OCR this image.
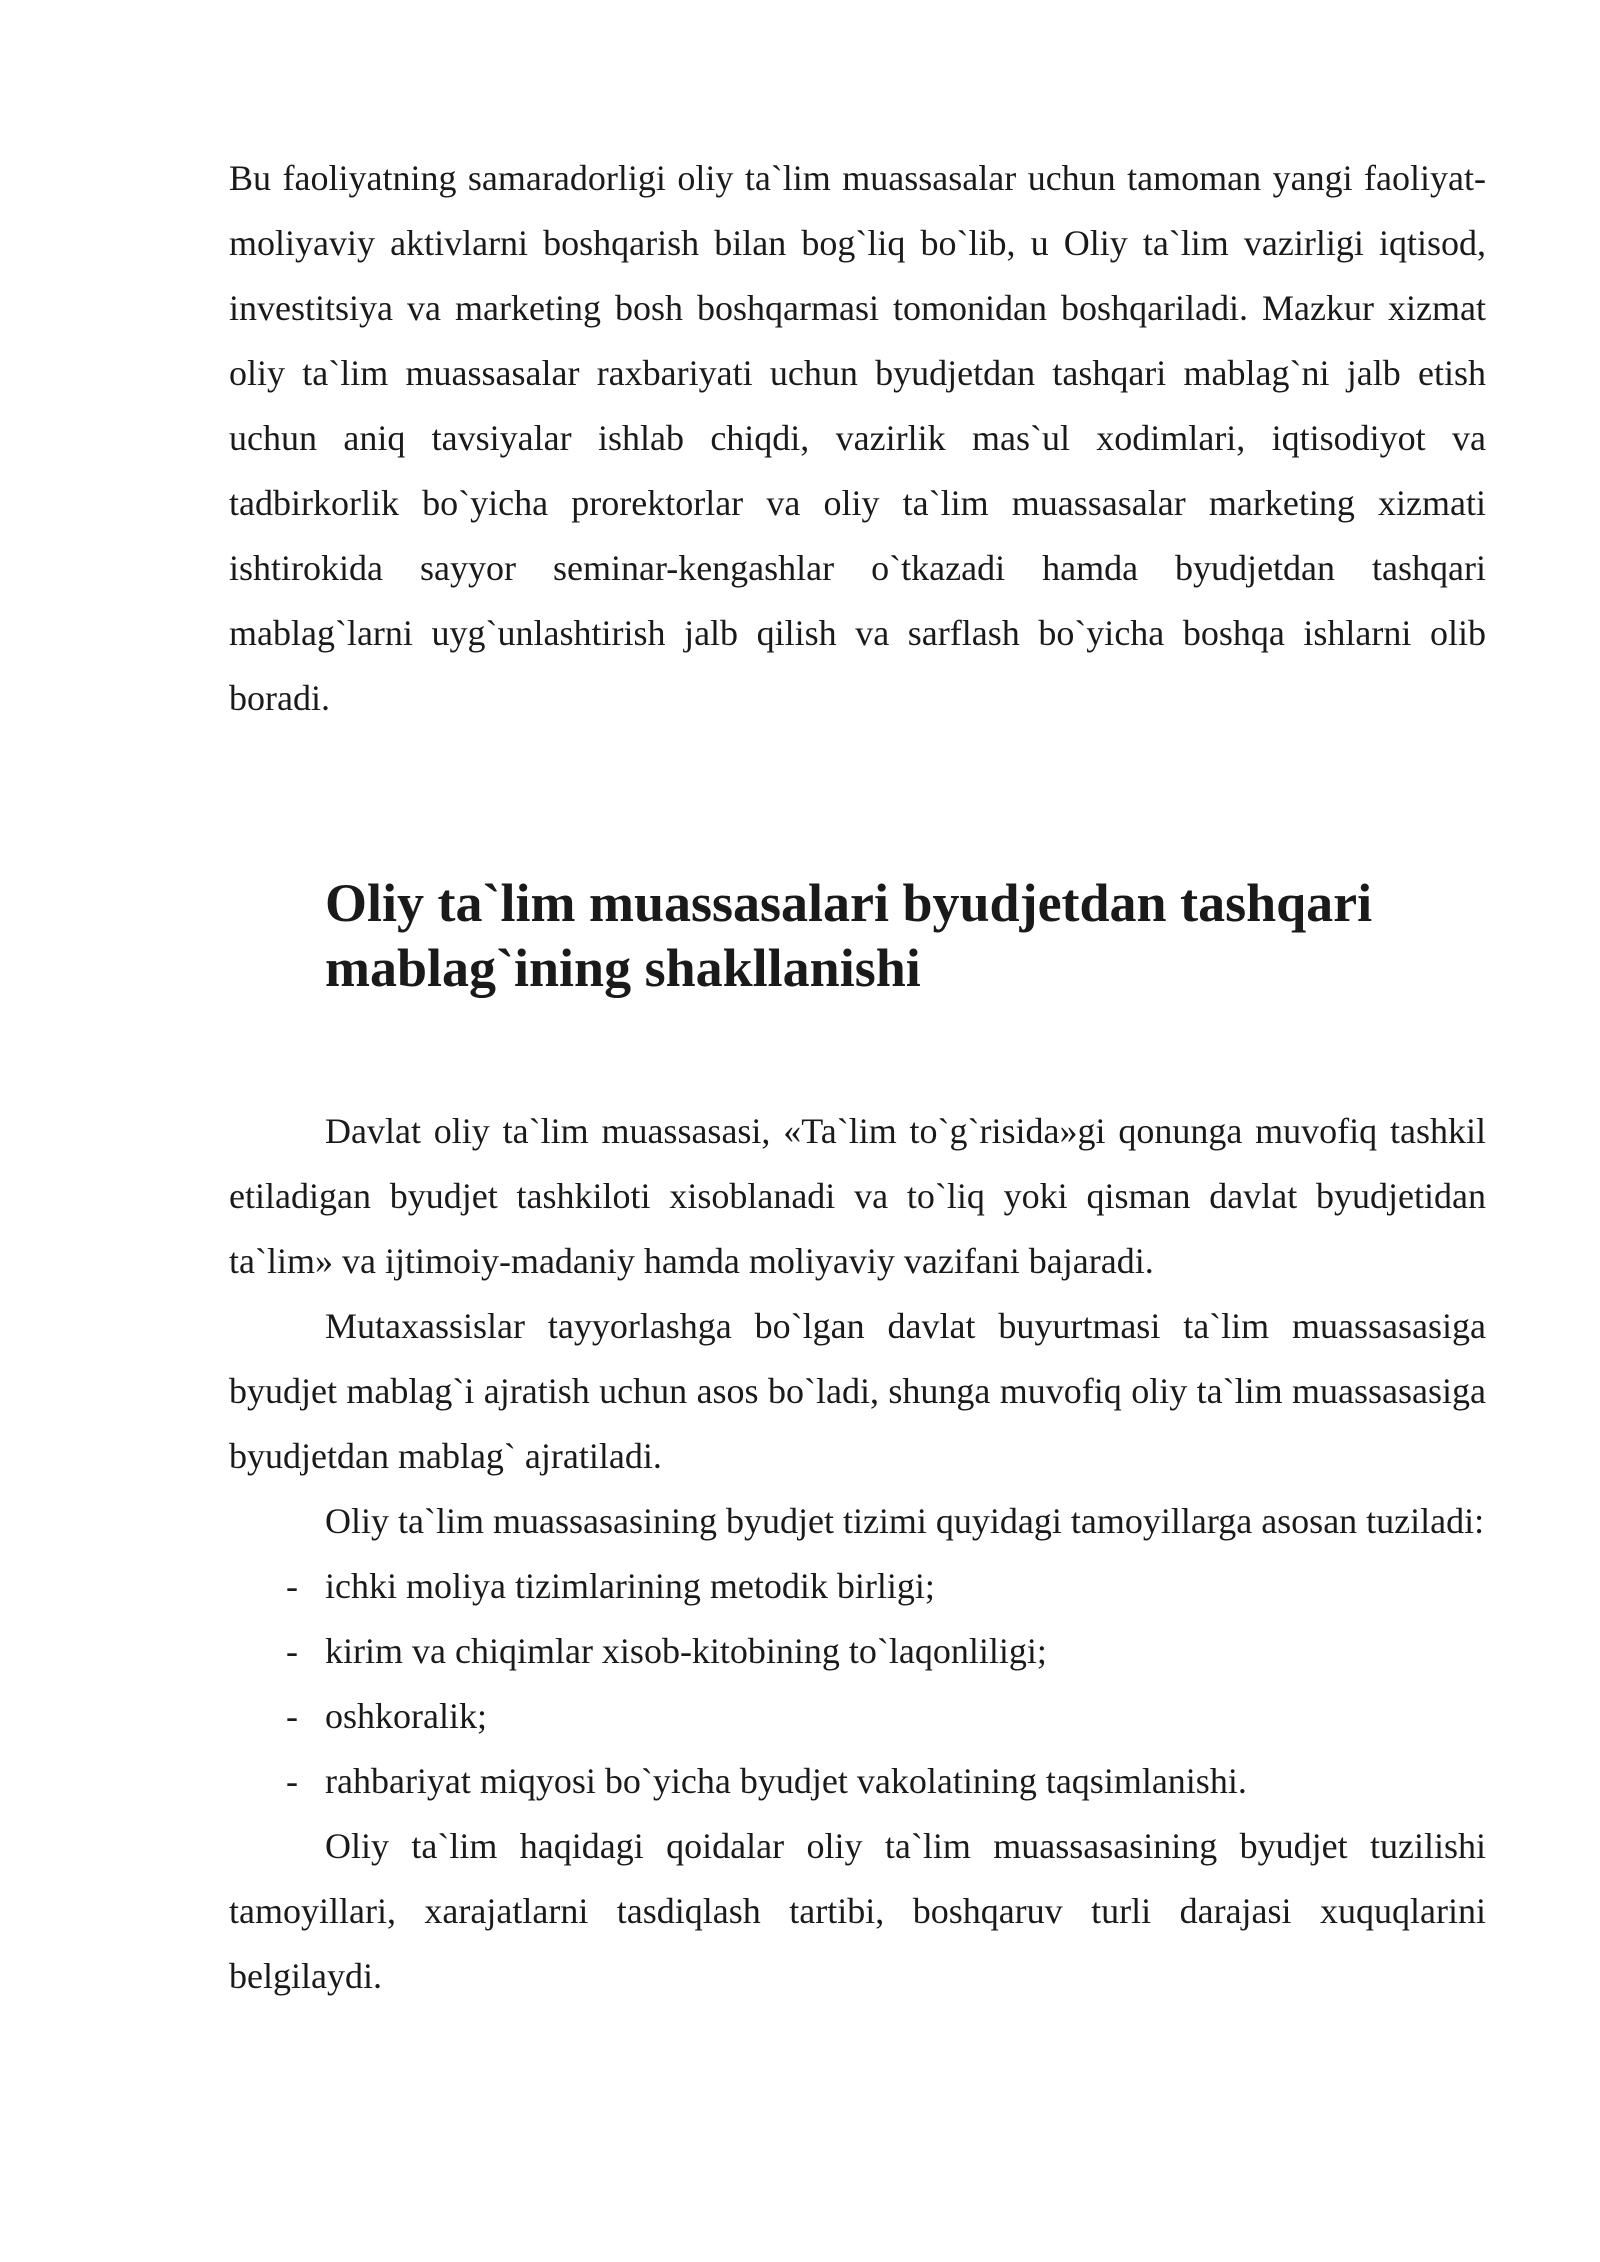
Bu faoliyatning samaradorligi oliy ta`lim muassasalar uchun tamoman yangi faoliyat-moliyaviy aktivlarni boshqarish bilan bog`liq bo`lib, u Oliy ta`lim vazirligi iqtisod, investitsiya va marketing bosh boshqarmasi tomonidan boshqariladi. Mazkur xizmat oliy ta`lim muassasalar raxbariyati uchun byudjetdan tashqari mablag`ni jalb etish uchun aniq tavsiyalar ishlab chiqdi, vazirlik mas`ul xodimlari, iqtisodiyot va tadbirkorlik bo`yicha prorektorlar va oliy ta`lim muassasalar marketing xizmati ishtirokida sayyor seminar-kengashlar o`tkazadi hamda byudjetdan tashqari mablag`larni uyg`unlashtirish jalb qilish va sarflash bo`yicha boshqa ishlarni olib boradi.

Oliy ta`lim muassasalari byudjetdan tashqari mablag`ining shakllanishi

Davlat oliy ta`lim muassasasi, «Ta`lim to`g`risida»gi qonunga muvofiq tashkil etiladigan byudjet tashkiloti xisoblanadi va to`liq yoki qisman davlat byudjetidan ta`lim» va ijtimoiy-madaniy hamda moliyaviy vazifani bajaradi.

Mutaxassislar tayyorlashga bo`lgan davlat buyurtmasi ta`lim muassasasiga byudjet mablag`i ajratish uchun asos bo`ladi, shunga muvofiq oliy ta`lim muassasasiga byudjetdan mablag` ajratiladi.

Oliy ta`lim muassasasining byudjet tizimi quyidagi tamoyillarga asosan tuziladi:

- ichki moliya tizimlarining metodik birligi;
- kirim va chiqimlar xisob-kitobining to`laqonliligi;
- oshkoralik;
- rahbariyat miqyosi bo`yicha byudjet vakolatining taqsimlanishi.

Oliy ta`lim haqidagi qoidalar oliy ta`lim muassasasining byudjet tuzilishi tamoyillari, xarajatlarni tasdiqlash tartibi, boshqaruv turli darajasi xuquqlarini belgilaydi.
